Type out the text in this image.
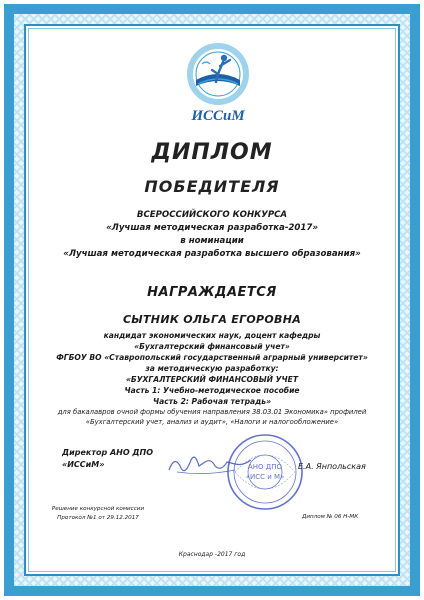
ИССиМ
ДИПЛОМ
ПОБЕДИТЕЛЯ
ВСЕРОССИЙСКОГО КОНКУРСА
«Лучшая методическая разработка-2017»
в номинации
«Лучшая методическая разработка высшего образования»
НАГРАЖДАЕТСЯ
СЫТНИК ОЛЬГА ЕГОРОВНА
кандидат экономических наук, доцент кафедры
«Бухгалтерский финансовый учет»
ФГБОУ ВО «Ставропольский государственный аграрный университет»
за методическую разработку:
«БУХГАЛТЕРСКИЙ ФИНАНСОВЫЙ УЧЕТ
Часть 1: Учебно-методическое пособие
Часть 2: Рабочая тетрадь»
для бакалавров очной формы обучения направления 38.03.01 Экономика» профилей
«Бухгалтерский учет, анализ и аудит», «Налоги и налогообложение»
Директор АНО ДПО
«ИССиМ»	АНО ДПО
«ИСС и М»
Е.А. Янпольская
Решение конкурсной комиссии
Протокол №1 от 29.12.2017	Диплом № 06 Н-МК
Краснодар -2017 год
